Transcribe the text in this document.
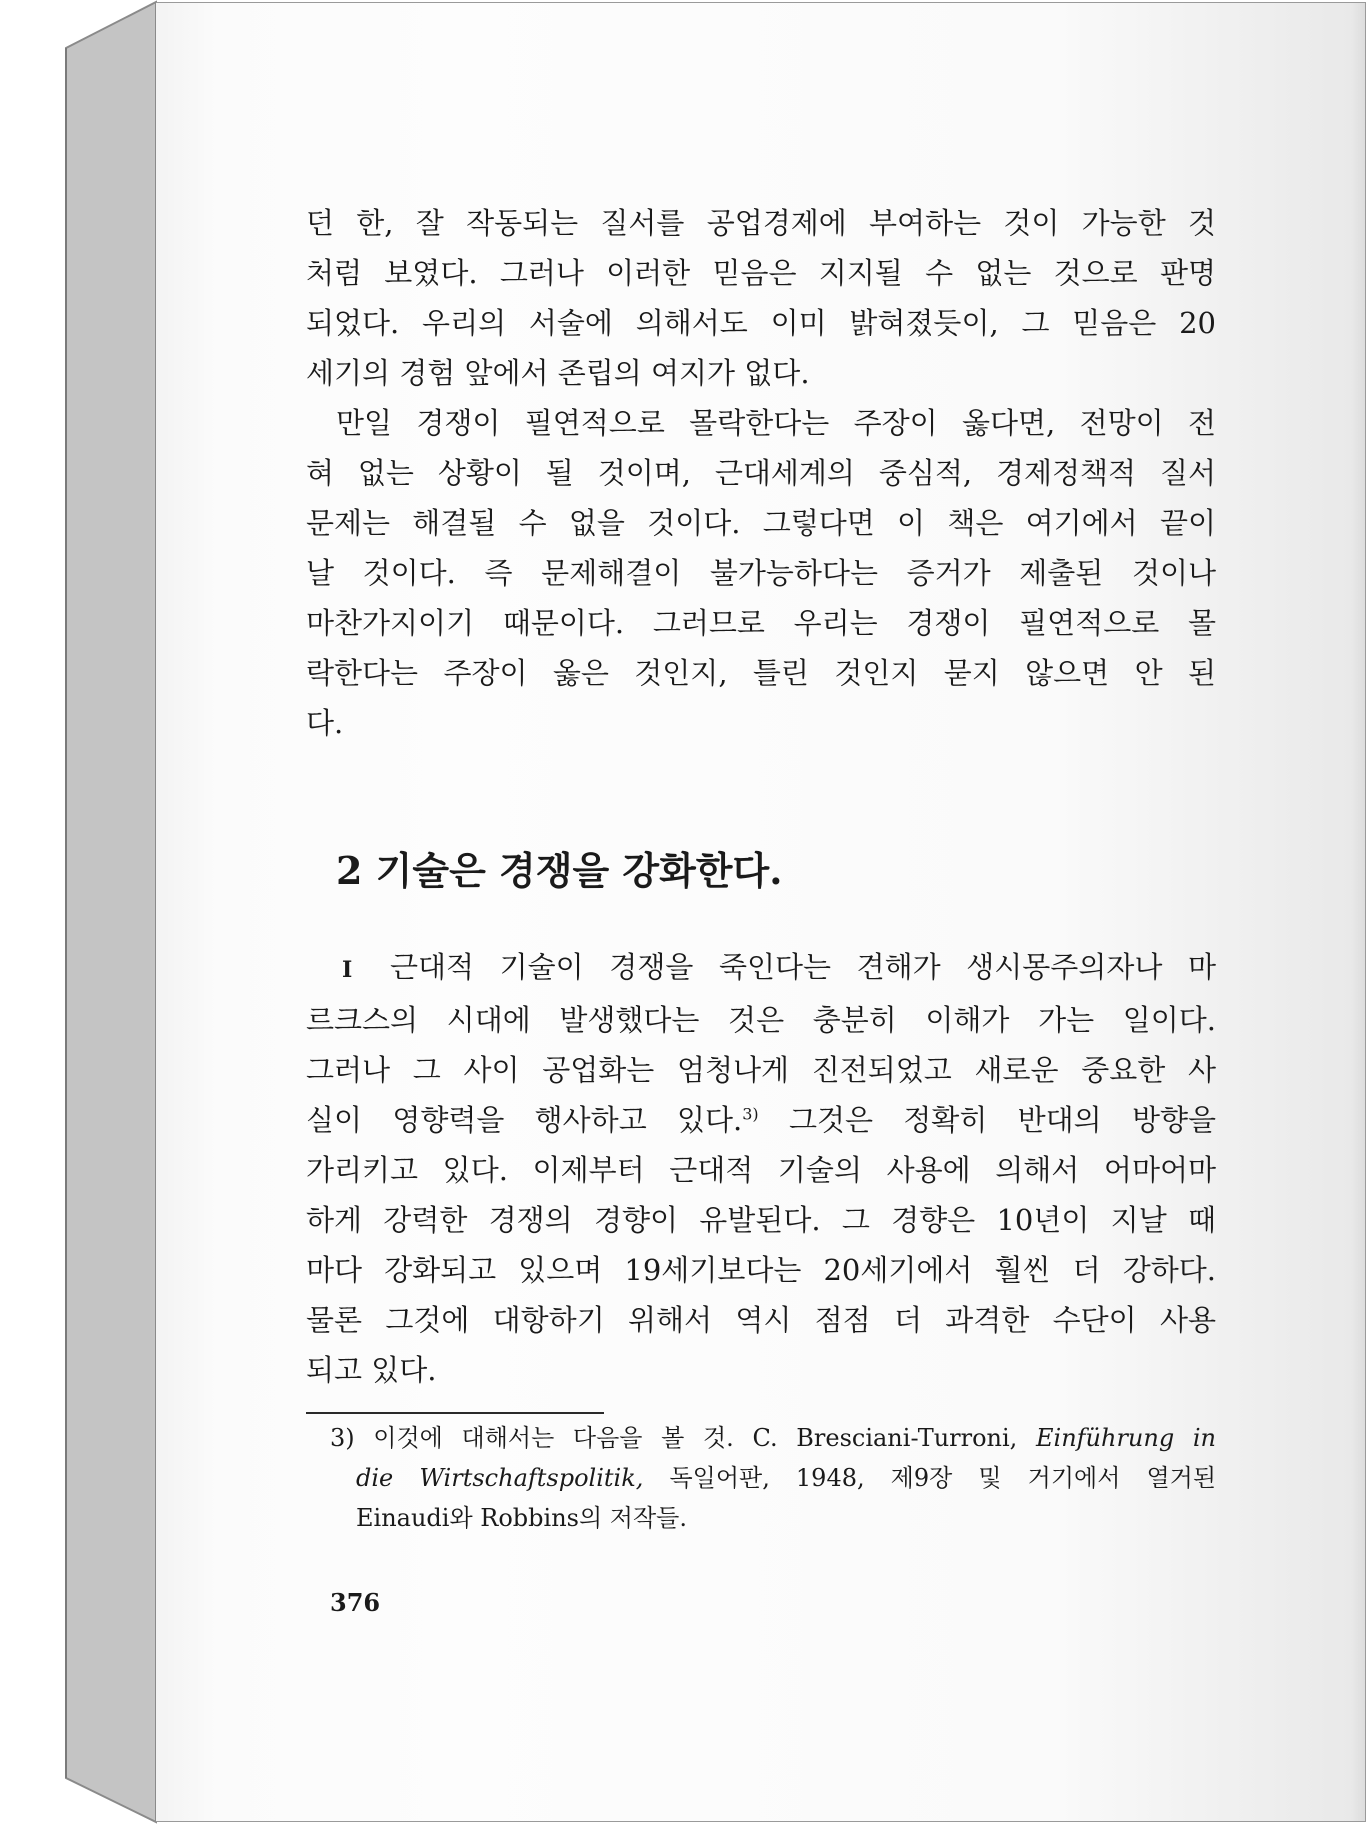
던 한, 잘 작동되는 질서를 공업경제에 부여하는 것이 가능한 것

처럼 보였다. 그러나 이러한 믿음은 지지될 수 없는 것으로 판명

되었다. 우리의 서술에 의해서도 이미 밝혀졌듯이, 그 믿음은 20

세기의 경험 앞에서 존립의 여지가 없다.

만일 경쟁이 필연적으로 몰락한다는 주장이 옳다면, 전망이 전

혀 없는 상황이 될 것이며, 근대세계의 중심적, 경제정책적 질서

문제는 해결될 수 없을 것이다. 그렇다면 이 책은 여기에서 끝이

날 것이다. 즉 문제해결이 불가능하다는 증거가 제출된 것이나

마찬가지이기 때문이다. 그러므로 우리는 경쟁이 필연적으로 몰

락한다는 주장이 옳은 것인지, 틀린 것인지 묻지 않으면 안 된

다.

2 기술은 경쟁을 강화한다.

I 근대적 기술이 경쟁을 죽인다는 견해가 생시몽주의자나 마

르크스의 시대에 발생했다는 것은 충분히 이해가 가는 일이다.

그러나 그 사이 공업화는 엄청나게 진전되었고 새로운 중요한 사

실이 영향력을 행사하고 있다.$^{3)}$ 그것은 정확히 반대의 방향을

가리키고 있다. 이제부터 근대적 기술의 사용에 의해서 어마어마

하게 강력한 경쟁의 경향이 유발된다. 그 경향은 10년이 지날 때

마다 강화되고 있으며 19세기보다는 20세기에서 훨씬 더 강하다.

물론 그것에 대항하기 위해서 역시 점점 더 과격한 수단이 사용

되고 있다.

3) 이것에 대해서는 다음을 볼 것. C. Bresciani-Turroni, Einführung in
die Wirtschaftspolitik, 독일어판, 1948, 제9장 및 거기에서 열거된
Einaudi와 Robbins의 저작들.
376
